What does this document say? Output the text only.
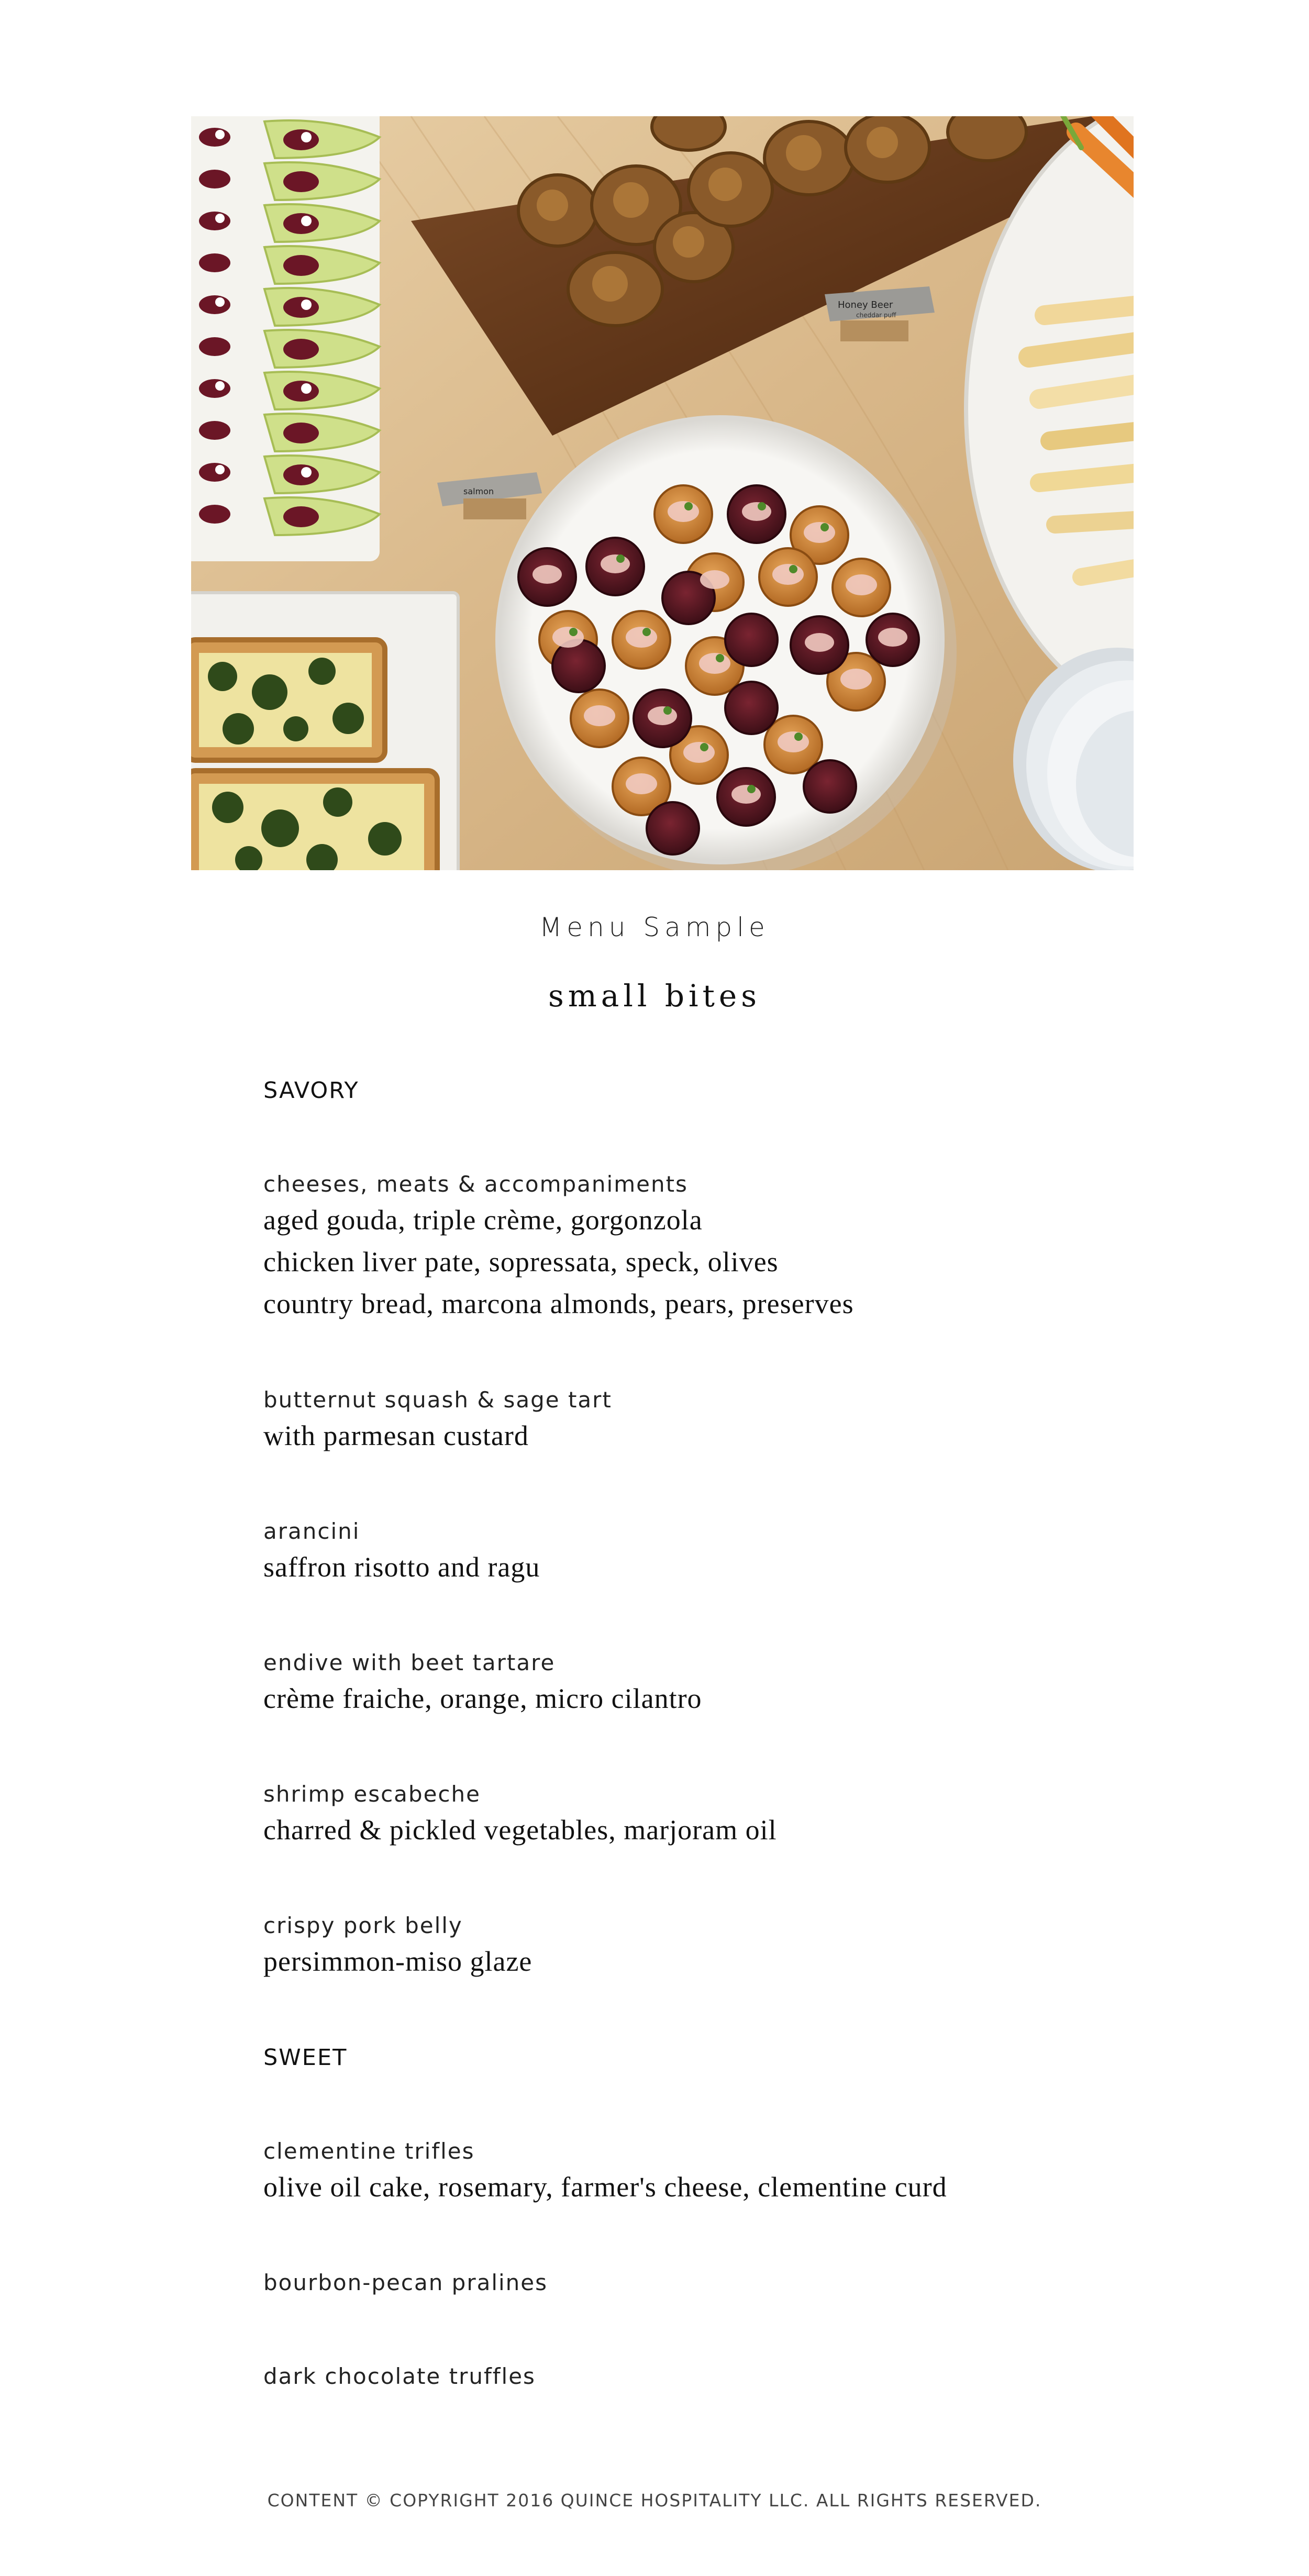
Honey Beer
cheddar puff
salmon
Menu Sample
small bites
SAVORY
cheeses, meats & accompaniments
aged gouda, triple crème, gorgonzola
chicken liver pate, sopressata, speck, olives
country bread, marcona almonds, pears, preserves
butternut squash & sage tart
with parmesan custard
arancini
saffron risotto and ragu
endive with beet tartare
crème fraiche, orange, micro cilantro
shrimp escabeche
charred & pickled vegetables, marjoram oil
crispy pork belly
persimmon-miso glaze
SWEET
clementine trifles
olive oil cake, rosemary, farmer's cheese, clementine curd
bourbon-pecan pralines
dark chocolate truffles
CONTENT © COPYRIGHT 2016 QUINCE HOSPITALITY LLC. ALL RIGHTS RESERVED.
